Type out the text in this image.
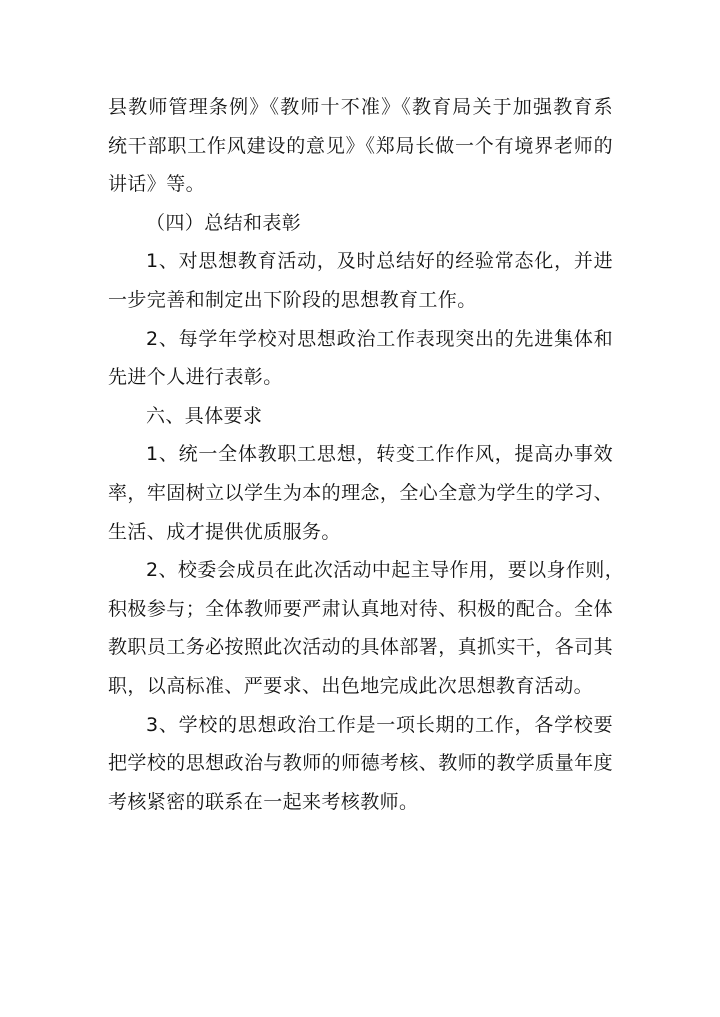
县教师管理条例》《教师十不准》《教育局关于加强教育系
统干部职工作风建设的意见》《郑局长做一个有境界老师的
讲话》等。
（四）总结和表彰
1、对思想教育活动，及时总结好的经验常态化，并进
一步完善和制定出下阶段的思想教育工作。
2、每学年学校对思想政治工作表现突出的先进集体和
先进个人进行表彰。
六、具体要求
1、统一全体教职工思想，转变工作作风，提高办事效
率，牢固树立以学生为本的理念，全心全意为学生的学习、
生活、成才提供优质服务。
2、校委会成员在此次活动中起主导作用，要以身作则，
积极参与；全体教师要严肃认真地对待、积极的配合。全体
教职员工务必按照此次活动的具体部署，真抓实干，各司其
职，以高标准、严要求、出色地完成此次思想教育活动。
3、学校的思想政治工作是一项长期的工作，各学校要
把学校的思想政治与教师的师德考核、教师的教学质量年度
考核紧密的联系在一起来考核教师。
